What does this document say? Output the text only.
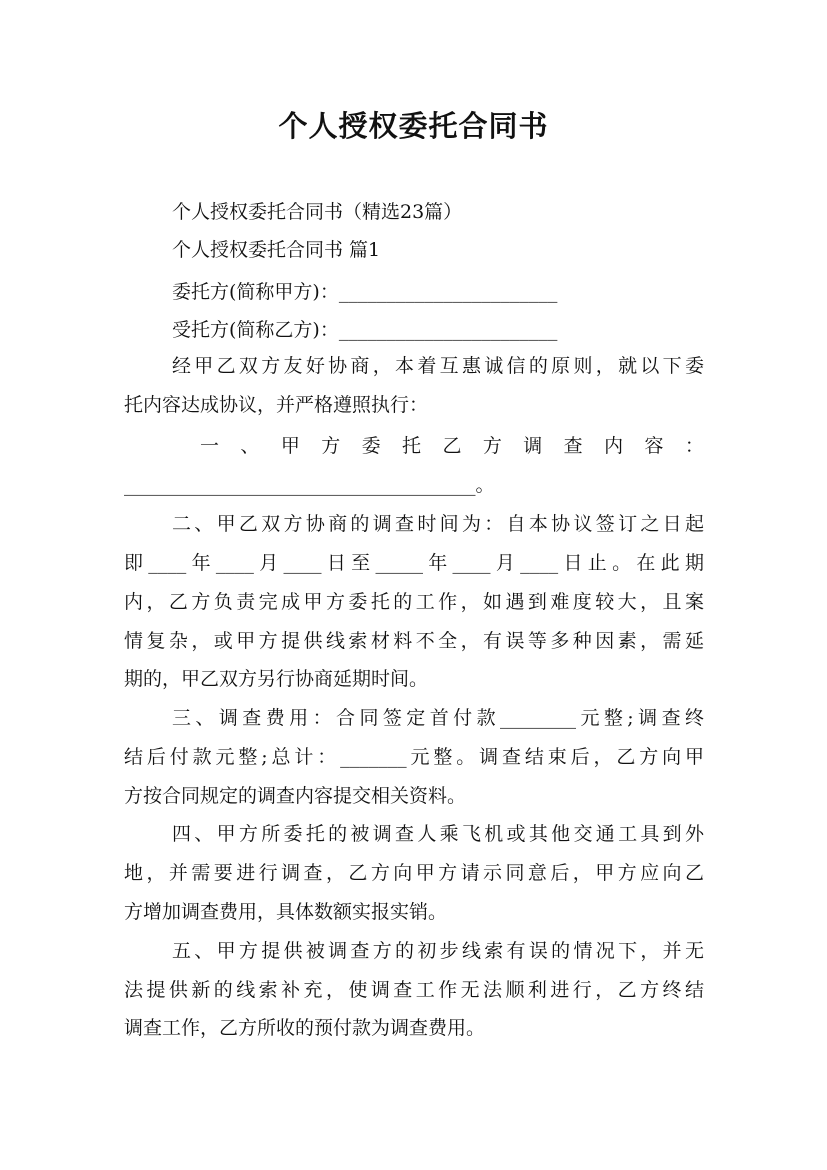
个人授权委托合同书
个人授权委托合同书（精选23篇）
个人授权委托合同书 篇1
委托方(简称甲方)：_______________________
受托方(简称乙方)：_______________________
经甲乙双方友好协商，本着互惠诚信的原则，就以下委
托内容达成协议，并严格遵照执行：
一 、 甲 方 委 托 乙 方 调 查 内 容 ：
_____________________________________。
二、甲乙双方协商的调查时间为：自本协议签订之日起
即____年____月____日至_____年____月____日止。在此期
内，乙方负责完成甲方委托的工作，如遇到难度较大，且案
情复杂，或甲方提供线索材料不全，有误等多种因素，需延
期的，甲乙双方另行协商延期时间。
三、调查费用：合同签定首付款________元整;调查终
结后付款元整;总计：_______元整。调查结束后，乙方向甲
方按合同规定的调查内容提交相关资料。
四、甲方所委托的被调查人乘飞机或其他交通工具到外
地，并需要进行调查，乙方向甲方请示同意后，甲方应向乙
方增加调查费用，具体数额实报实销。
五、甲方提供被调查方的初步线索有误的情况下，并无
法提供新的线索补充，使调查工作无法顺利进行，乙方终结
调查工作，乙方所收的预付款为调查费用。
